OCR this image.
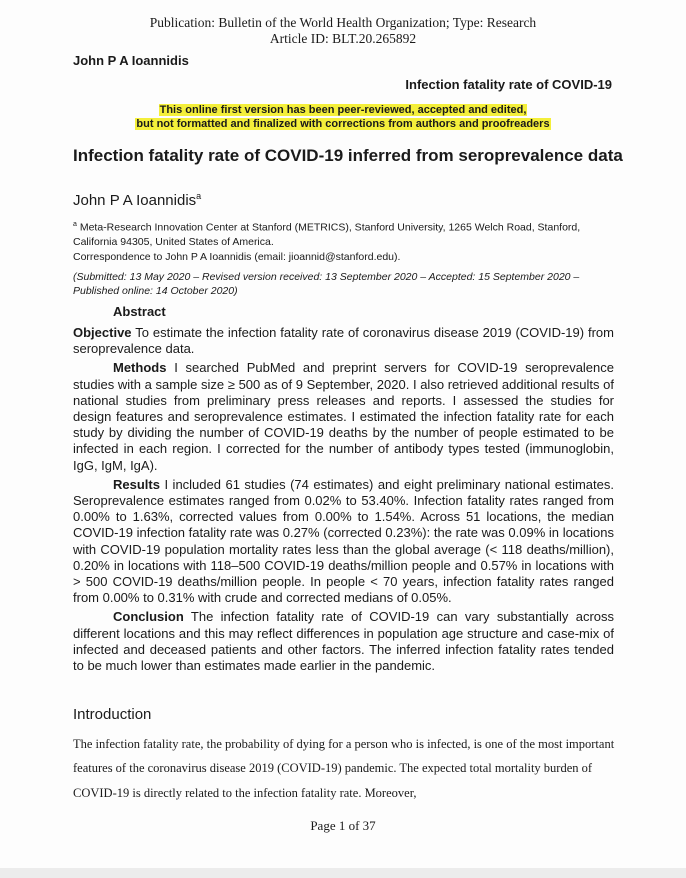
Publication: Bulletin of the World Health Organization; Type: Research
Article ID: BLT.20.265892
John P A Ioannidis
Infection fatality rate of COVID-19
This online first version has been peer-reviewed, accepted and edited,
but not formatted and finalized with corrections from authors and proofreaders
Infection fatality rate of COVID-19 inferred from seroprevalence data
John P A Ioannidis$^a$
$^a$ Meta-Research Innovation Center at Stanford (METRICS), Stanford University, 1265 Welch Road, Stanford, California 94305, United States of America.
Correspondence to John P A Ioannidis (email: jioannid@stanford.edu).
(Submitted: 13 May 2020 – Revised version received: 13 September 2020 – Accepted: 15 September 2020 – Published online: 14 October 2020)
Abstract

Objective To estimate the infection fatality rate of coronavirus disease 2019 (COVID-19) from seroprevalence data.

Methods I searched PubMed and preprint servers for COVID-19 seroprevalence studies with a sample size ≥ 500 as of 9 September, 2020. I also retrieved additional results of national studies from preliminary press releases and reports. I assessed the studies for design features and seroprevalence estimates. I estimated the infection fatality rate for each study by dividing the number of COVID-19 deaths by the number of people estimated to be infected in each region. I corrected for the number of antibody types tested (immunoglobin, IgG, IgM, IgA).

Results I included 61 studies (74 estimates) and eight preliminary national estimates. Seroprevalence estimates ranged from 0.02% to 53.40%. Infection fatality rates ranged from 0.00% to 1.63%, corrected values from 0.00% to 1.54%. Across 51 locations, the median COVID-19 infection fatality rate was 0.27% (corrected 0.23%): the rate was 0.09% in locations with COVID-19 population mortality rates less than the global average (< 118 deaths/million), 0.20% in locations with 118–500 COVID-19 deaths/million people and 0.57% in locations with > 500 COVID-19 deaths/million people. In people < 70 years, infection fatality rates ranged from 0.00% to 0.31% with crude and corrected medians of 0.05%.

Conclusion The infection fatality rate of COVID-19 can vary substantially across different locations and this may reflect differences in population age structure and case-mix of infected and deceased patients and other factors. The inferred infection fatality rates tended to be much lower than estimates made earlier in the pandemic.

Introduction
The infection fatality rate, the probability of dying for a person who is infected, is one of the most important features of the coronavirus disease 2019 (COVID-19) pandemic. The expected total mortality burden of COVID-19 is directly related to the infection fatality rate. Moreover,
Page 1 of 37
